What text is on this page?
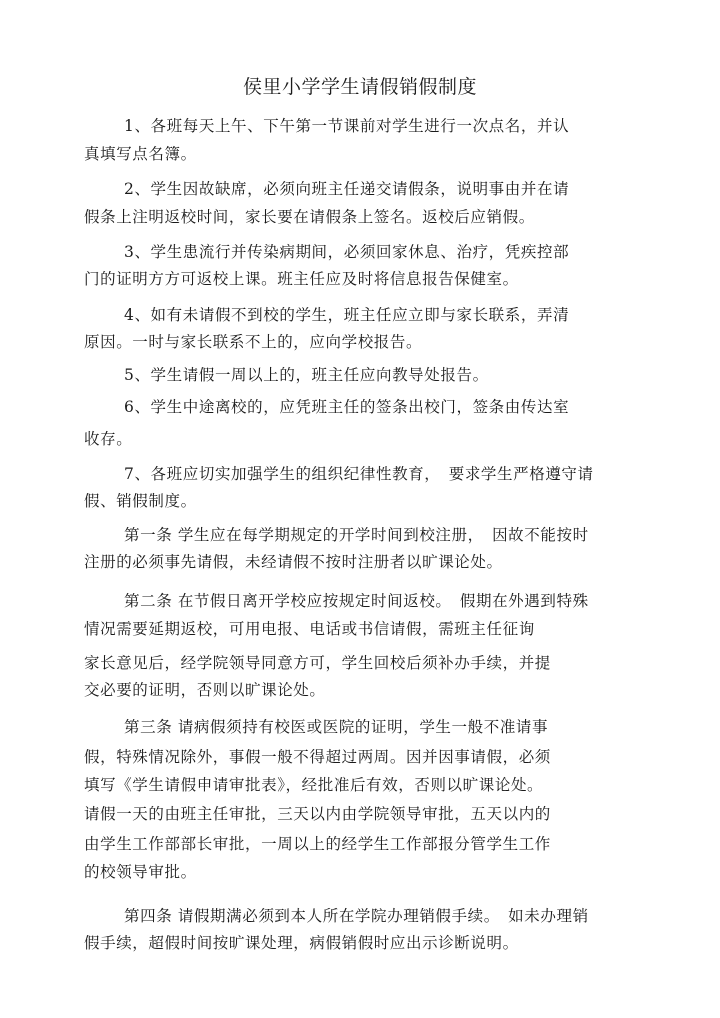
侯里小学学生请假销假制度
1、各班每天上午、下午第一节课前对学生进行一次点名，并认
真填写点名簿。
2、学生因故缺席，必须向班主任递交请假条，说明事由并在请
假条上注明返校时间，家长要在请假条上签名。返校后应销假。
3、学生患流行并传染病期间，必须回家休息、治疗，凭疾控部
门的证明方方可返校上课。班主任应及时将信息报告保健室。
4、如有未请假不到校的学生，班主任应立即与家长联系，弄清
原因。一时与家长联系不上的，应向学校报告。
5、学生请假一周以上的，班主任应向教导处报告。
6、学生中途离校的，应凭班主任的签条出校门，签条由传达室
收存。
7、各班应切实加强学生的组织纪律性教育，　要求学生严格遵守请
假、销假制度。
第一条 学生应在每学期规定的开学时间到校注册，　因故不能按时
注册的必须事先请假，未经请假不按时注册者以旷课论处。
第二条 在节假日离开学校应按规定时间返校。　假期在外遇到特殊
情况需要延期返校，可用电报、电话或书信请假，需班主任征询
家长意见后，经学院领导同意方可，学生回校后须补办手续，并提
交必要的证明，否则以旷课论处。
第三条 请病假须持有校医或医院的证明，学生一般不准请事
假，特殊情况除外，事假一般不得超过两周。因并因事请假，必须
填写《学生请假申请审批表》，经批准后有效，否则以旷课论处。
请假一天的由班主任审批，三天以内由学院领导审批，五天以内的
由学生工作部部长审批，一周以上的经学生工作部报分管学生工作
的校领导审批。
第四条 请假期满必须到本人所在学院办理销假手续。　如未办理销
假手续，超假时间按旷课处理，病假销假时应出示诊断说明。
